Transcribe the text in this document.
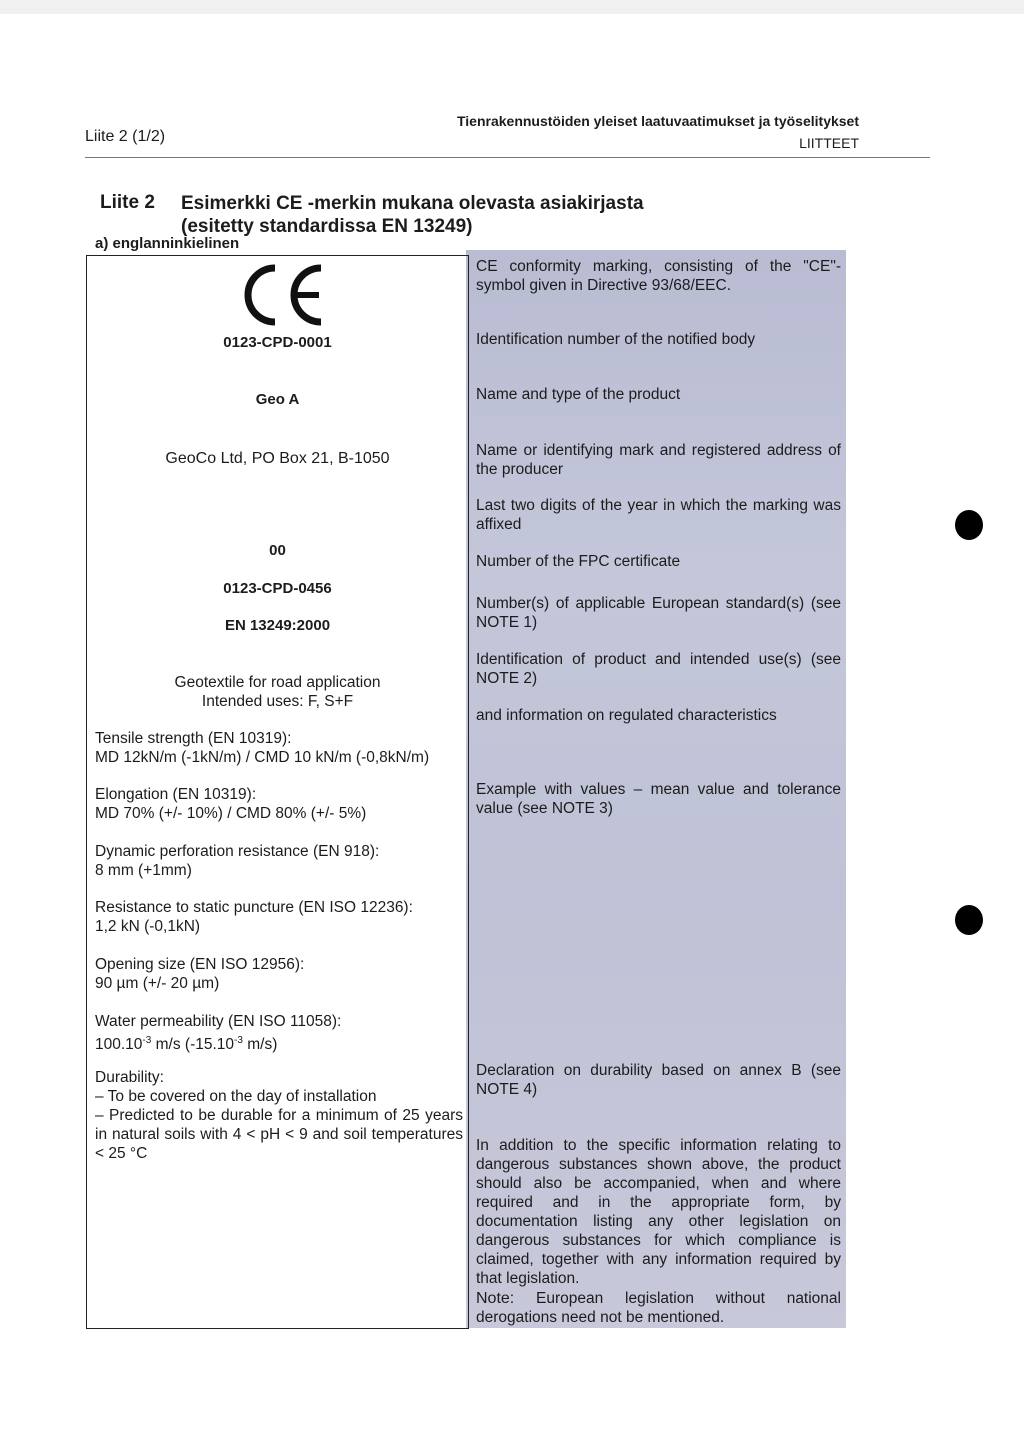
Liite 2 (1/2)
Tienrakennustöiden yleiset laatuvaatimukset ja työselitykset
LIITTEET
Liite 2 Esimerkki CE -merkin mukana olevasta asiakirjasta
(esitetty standardissa EN 13249)
a) englanninkielinen
0123-CPD-0001
Geo A
GeoCo Ltd, PO Box 21, B-1050
00
0123-CPD-0456
EN 13249:2000
Geotextile for road application
Intended uses: F, S+F
Tensile strength (EN 10319):
MD 12kN/m (-1kN/m) / CMD 10 kN/m (-0,8kN/m)
Elongation (EN 10319):
MD 70% (+/- 10%) / CMD 80% (+/- 5%)
Dynamic perforation resistance (EN 918):
8 mm (+1mm)
Resistance to static puncture (EN ISO 12236):
1,2 kN (-0,1kN)
Opening size (EN ISO 12956):
90 µm (+/- 20 µm)
Water permeability (EN ISO 11058):
$100.10^{-3}$ m/s ($-15.10^{-3}$ m/s)
Durability:
– To be covered on the day of installation
– Predicted to be durable for a minimum of 25 years in natural soils with 4 < pH < 9 and soil temperatures < 25 °C
CE conformity marking, consisting of the "CE"-symbol given in Directive 93/68/EEC.
Identification number of the notified body
Name and type of the product
Name or identifying mark and registered address of the producer
Last two digits of the year in which the marking was affixed
Number of the FPC certificate
Number(s) of applicable European standard(s) (see NOTE 1)
Identification of product and intended use(s) (see NOTE 2)
and information on regulated characteristics
Example with values – mean value and tolerance value (see NOTE 3)
Declaration on durability based on annex B (see NOTE 4)
In addition to the specific information relating to dangerous substances shown above, the product should also be accompanied, when and where required and in the appropriate form, by documentation listing any other legislation on dangerous substances for which compliance is claimed, together with any information required by that legislation.
Note: European legislation without national derogations need not be mentioned.
